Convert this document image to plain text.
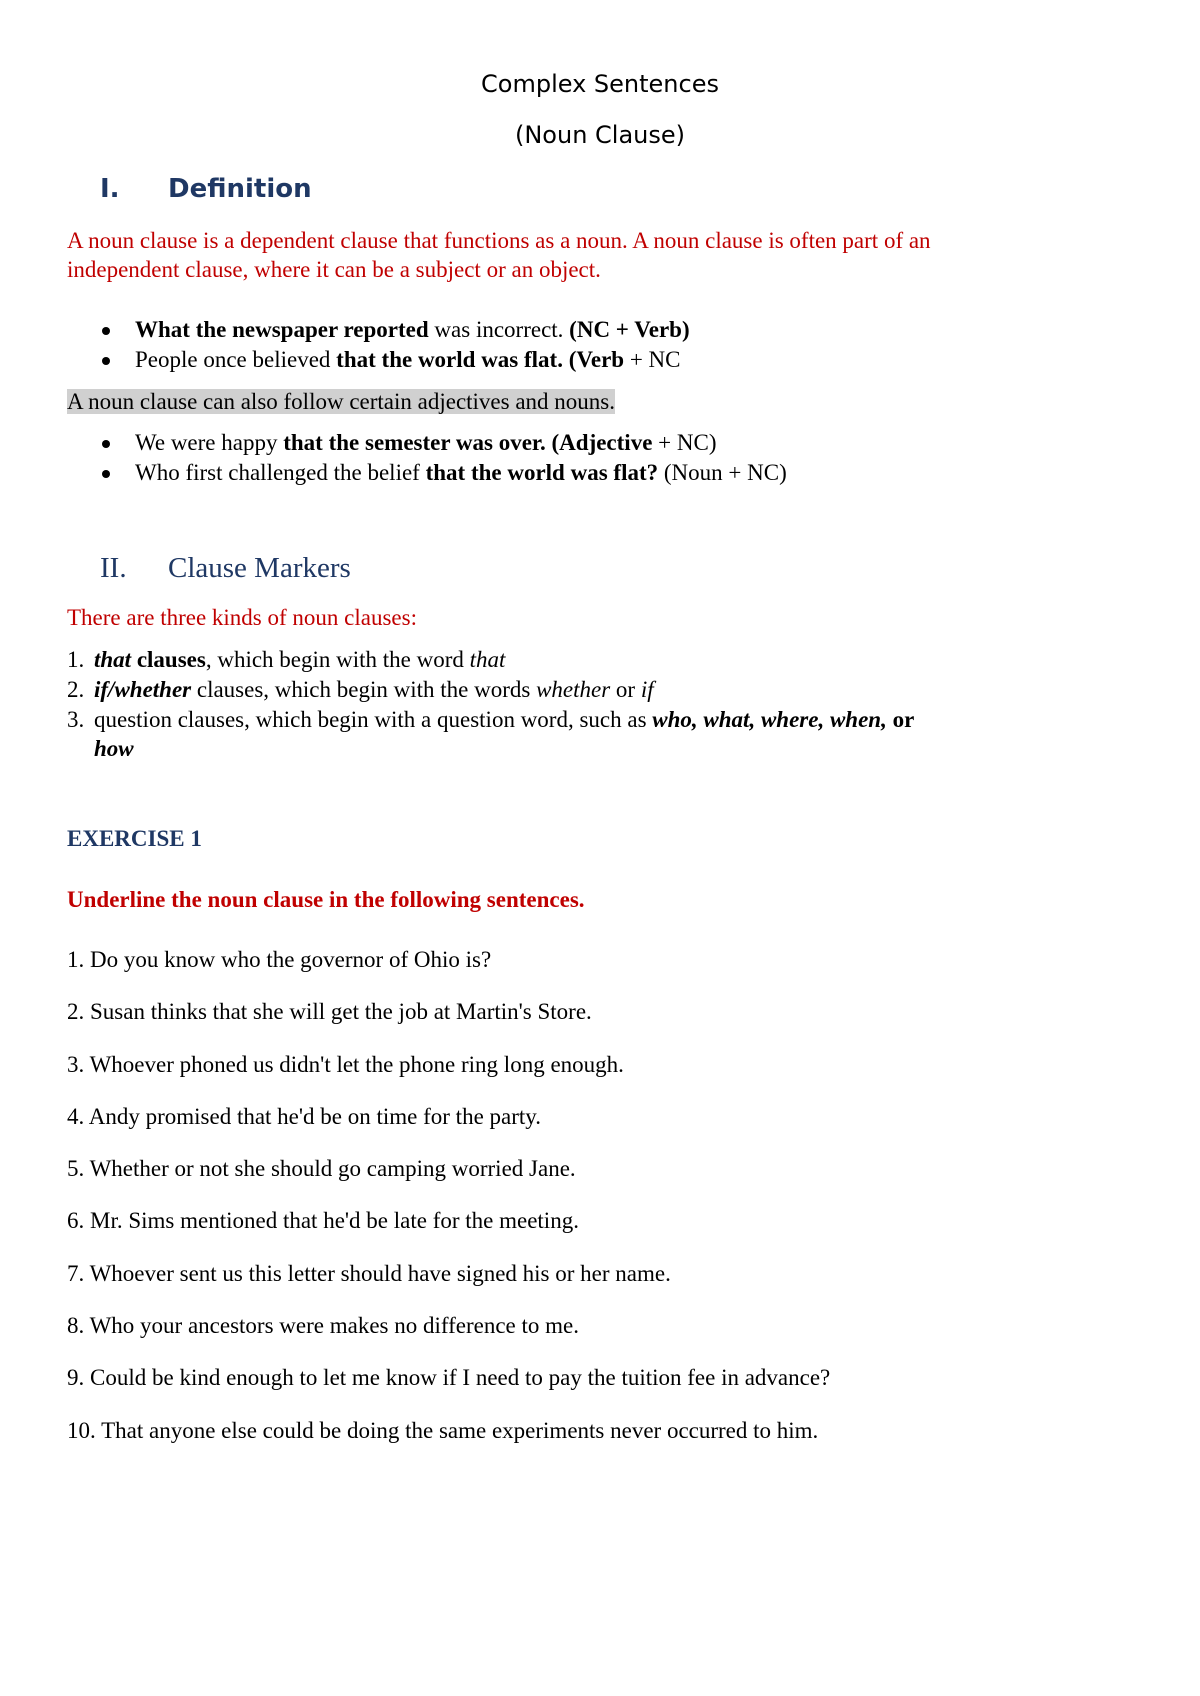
Complex Sentences
(Noun Clause)
I. Definition
A noun clause is a dependent clause that functions as a noun. A noun clause is often part of an
independent clause, where it can be a subject or an object.
What the newspaper reported was incorrect. (NC + Verb)
People once believed that the world was flat. (Verb + NC
A noun clause can also follow certain adjectives and nouns.
We were happy that the semester was over. (Adjective + NC)
Who first challenged the belief that the world was flat? (Noun + NC)
II. Clause Markers
There are three kinds of noun clauses:
1. that clauses, which begin with the word that
2. if/whether clauses, which begin with the words whether or if
3. question clauses, which begin with a question word, such as who, what, where, when, or
how
EXERCISE 1
Underline the noun clause in the following sentences.
1. Do you know who the governor of Ohio is?
2. Susan thinks that she will get the job at Martin's Store.
3. Whoever phoned us didn't let the phone ring long enough.
4. Andy promised that he'd be on time for the party.
5. Whether or not she should go camping worried Jane.
6. Mr. Sims mentioned that he'd be late for the meeting.
7. Whoever sent us this letter should have signed his or her name.
8. Who your ancestors were makes no difference to me.
9. Could be kind enough to let me know if I need to pay the tuition fee in advance?
10. That anyone else could be doing the same experiments never occurred to him.
